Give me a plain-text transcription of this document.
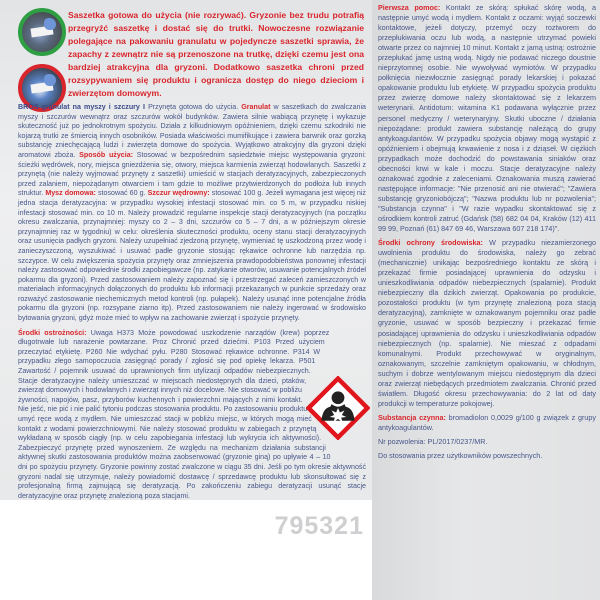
Saszetka gotowa do użycia (nie rozrywać). Gryzonie bez trudu potrafią przegryźć saszetkę i dostać się do trutki. Nowoczesne rozwiązanie polegające na pakowaniu granulatu w pojedyncze saszetki sprawia, że zapachy z zewnątrz nie są przenoszone na trutkę, dzięki czemu jest ona bardziej atrakcyjna dla gryzoni. Dodatkowo saszetka chroni przed rozsypywaniem się produktu i ogranicza dostęp do niego dzieciom i zwierzętom domowym.

BROS granulat na myszy i szczury I Przynęta gotowa do użycia. Granulat w saszetkach do zwalczania myszy i szczurów wewnątrz oraz szczurów wokół budynków. Zawiera silnie wabiącą przynętę i wykazuje skuteczność już po jednokrotnym spożyciu. Działa z kilkudniowym opóźnieniem, dzięki czemu szkodniki nie kojarzą trutki ze śmiercią innych osobników. Posiada właściwości mumifikujące i zawiera barwnik oraz gorzką substancję zniechęcającą ludzi i zwierzęta domowe do spożycia. Wyjątkowo atrakcyjny dla gryzoni dzięki aromatowi zboża. Sposób użycia: Stosować w bezpośrednim sąsiedztwie miejsc występowania gryzoni: ścieżki wędrówek, nory, miejsca gniezdżenia się, otwory, miejsca karmienia zwierząt hodowlanych. Saszetki z przynętą (nie należy wyjmować przynęty z saszetki) umieścić w stacjach deratyzacyjnych, zabezpieczonych przed zalaniem, niepożądanym otwarciem i tam gdzie to możliwe przytwierdzonych do podłoża lub innych struktur. Mysz domowa: stosować 60 g. Szczur wędrowny: stosować 100 g. Jeżeli wymagana jest więcej niż jedna stacja deratyzacyjna: w przypadku wysokiej infestacji stosować min. co 5 m, w przypadku niskiej infestacji stosować min. co 10 m. Należy prowadzić regularne inspekcje stacji deratyzacyjnych (na początku okresu zwalczania, przynajmniej: myszy co 2 – 3 dni, szczurów co 5 – 7 dni, a w późniejszym okresie przynajmniej raz w tygodniu) w celu: określenia skuteczności produktu, oceny stanu stacji deratyzacyjnych oraz usunięcia padłych gryzoni. Należy uzupełniać zjedzoną przynętę, wymieniać tę uszkodzoną przez wodę i zanieczyszczoną, wyszukiwać i usuwać padłe gryzonie stosując rękawice ochronne lub narzędzia np. szczypce. W celu zwiększenia spożycia przynęty oraz zmniejszenia prawdopodobieństwa ponownej infestacji należy zastosować odpowiednie środki zapobiegawcze (np. zatykanie otworów, usuwanie potencjalnych źródeł pokarmu dla gryzoni). Przed zastosowaniem należy zapoznać się i przestrzegać zaleceń zamieszczonych w materiałach informacyjnych dołączonych do produktu lub informacji przekazanych w punkcie sprzedaży oraz rozważyć zastosowanie niechemicznych metod kontroli (np. pułapek). Należy usunąć inne potencjalne źródła pokarmu dla gryzoni (np. rozsypane ziarno itp). Przed zastosowaniem nie należy ingerować w środowisko bytowania gryzoni, gdyż może mieć to wpływ na zachowanie zwierząt i spożycie przynęty.

Środki ostrożności: Uwaga H373 Może powodować uszkodzenie narządów (krew) poprzez długotrwałe lub narażenie powtarzane. Proz Chronić przed dziećmi. P103 Przed użyciem przeczytać etykietę. P260 Nie wdychać pyłu. P280 Stosować rękawice ochronne. P314 W przypadku złego samopoczucia zasięgnąć porady / zgłosić się pod opiekę lekarza. P501 Zawartość / pojemnik usuwać do uprawnionych firm utylizacji odpadów niebezpiecznych. Stacje deratyzacyjne należy umieszczać w miejscach niedostępnych dla dzieci, ptaków, zwierząt domowych i hodowlanych i zwierząt innych niż docelowe. Nie stosować w pobliżu żywności, napojów, pasz, przyborów kuchennych i powierzchni mających z nimi kontakt. Nie jeść, nie pić i nie palić tytoniu podczas stosowania produktu. Po zastosowaniu produktu umyć ręce wodą z mydłem. Nie umieszczać stacji w pobliżu miejsc, w których mogą mieć kontakt z wodami powierzchniowymi. Nie należy stosować produktu w zabiegach z przynętą wykładaną w sposób ciągły (np. w celu zapobiegania infestacji lub wykrycia ich aktywności). Zabezpieczyć przynętę przed wynoszeniem. Ze względu na mechanizm działania substancji aktywnej skutki zastosowania produktów można zaobserwować (gryzonie giną) po upływie 4 – 10 dni po spożyciu przynęty. Gryzonie powinny zostać zwalczone w ciągu 35 dni. Jeśli po tym okresie aktywność gryzoni nadal się utrzymuje, należy powiadomić dostawcę / sprzedawcę produktu lub skonsultować się z profesjonalną firmą zajmującą się deratyzacją. Po zakończeniu zabiegu deratyzacji usunąć stacje deratyzacyjne oraz przynętę znalezioną poza stacjami.

795321

Pierwsza pomoc: Kontakt ze skórą: spłukać skórę wodą, a następnie umyć wodą i mydłem. Kontakt z oczami: wyjąć soczewki kontaktowe, jeżeli dotyczy, przemyć oczy roztworem do przepłukiwania oczu lub wodą, a następnie utrzymać powieki otwarte przez co najmniej 10 minut. Kontakt z jamą ustną: ostrożnie przepłukać jamę ustną wodą. Nigdy nie podawać niczego doustnie nieprzytomnej osobie. Nie wywoływać wymiotów. W przypadku połknięcia niezwłocznie zasięgnąć porady lekarskiej i pokazać opakowanie produktu lub etykietę. W przypadku spożycia produktu przez zwierzę domowe należy skontaktować się z lekarzem weterynarii. Antidotum: witamina K1 podawana wyłącznie przez personel medyczny / weterynaryjny. Skutki uboczne / działania niepożądane: produkt zawiera substancję należącą do grupy antykoagulantów. W przypadku spożycia objawy mogą wystąpić z opóźnieniem i obejmują krwawienie z nosa i z dziąseł. W ciężkich przypadkach może dochodzić do powstawania siniaków oraz obecności krwi w kale i moczu. Stacje deratyzacyjne należy oznakować zgodnie z zaleceniami. Oznakowania muszą zawierać następujące informacje: "Nie przenosić ani nie otwierać"; "Zawiera substancję gryzoniobójczą"; "Nazwa produktu lub nr pozwolenia"; "Substancja czynna" i "W razie wypadku skontaktować się z ośrodkiem kontroli zatruć (Gdańsk (58) 682 04 04, Kraków (12) 411 99 99, Poznań (61) 847 69 46, Warszawa 607 218 174)".

Środki ochrony środowiska: W przypadku niezamierzonego uwolnienia produktu do środowiska, należy go zebrać (mechanicznie) unikając bezpośredniego kontaktu ze skórą i przekazać firmie posiadającej uprawnienia do odzysku i unieszkodliwiania odpadów niebezpiecznych (spalarnie). Produkt niebezpieczny dla dzikich zwierząt. Opakowania po produkcie, pozostałości produktu (w tym przynętę znalezioną poza stacją deratyzacyjną), zamknięte w oznakowanym pojemniku oraz padłe gryzonie, usuwać w sposób bezpieczny i przekazać firmie posiadającej uprawnienia do odzysku i unieszkodliwiania odpadów niebezpiecznych (np. spalarnie). Nie mieszać z odpadami komunalnymi. Produkt przechowywać w oryginalnym, oznakowanym, szczelnie zamkniętym opakowaniu, w chłodnym, suchym i dobrze wentylowanym miejscu niedostępnym dla dzieci oraz zwierząt niebędących przedmiotem zwalczania. Chronić przed światłem. Długość okresu przechowywania: do 2 lat od daty produkcji w temperaturze pokojowej.

Substancja czynna: bromadiolon 0,0029 g/100 g związek z grupy antykoagulantów.

Nr pozwolenia: PL/2017/0237/MR.

Do stosowania przez użytkowników powszechnych.
